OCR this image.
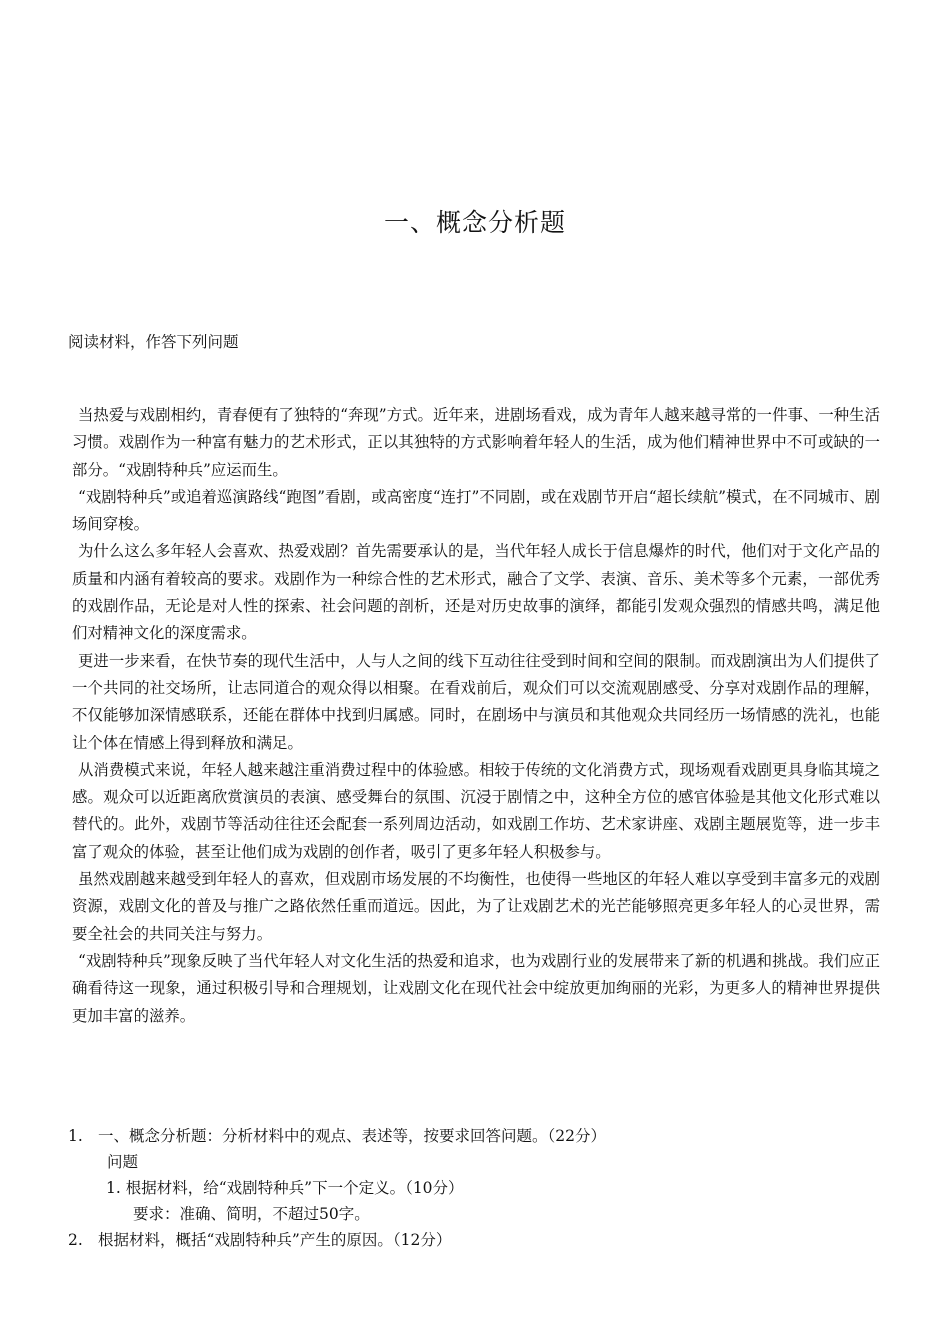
一、概念分析题
阅读材料，作答下列问题

当热爱与戏剧相约，青春便有了独特的“奔现”方式。近年来，进剧场看戏，成为青年人越来越寻常的一件事、一种生活习惯。戏剧作为一种富有魅力的艺术形式，正以其独特的方式影响着年轻人的生活，成为他们精神世界中不可或缺的一部分。“戏剧特种兵”应运而生。

“戏剧特种兵”或追着巡演路线“跑图”看剧，或高密度“连打”不同剧，或在戏剧节开启“超长续航”模式，在不同城市、剧场间穿梭。

为什么这么多年轻人会喜欢、热爱戏剧？首先需要承认的是，当代年轻人成长于信息爆炸的时代，他们对于文化产品的质量和内涵有着较高的要求。戏剧作为一种综合性的艺术形式，融合了文学、表演、音乐、美术等多个元素，一部优秀的戏剧作品，无论是对人性的探索、社会问题的剖析，还是对历史故事的演绎，都能引发观众强烈的情感共鸣，满足他们对精神文化的深度需求。

更进一步来看，在快节奏的现代生活中，人与人之间的线下互动往往受到时间和空间的限制。而戏剧演出为人们提供了一个共同的社交场所，让志同道合的观众得以相聚。在看戏前后，观众们可以交流观剧感受、分享对戏剧作品的理解，不仅能够加深情感联系，还能在群体中找到归属感。同时，在剧场中与演员和其他观众共同经历一场情感的洗礼，也能让个体在情感上得到释放和满足。

从消费模式来说，年轻人越来越注重消费过程中的体验感。相较于传统的文化消费方式，现场观看戏剧更具身临其境之感。观众可以近距离欣赏演员的表演、感受舞台的氛围、沉浸于剧情之中，这种全方位的感官体验是其他文化形式难以替代的。此外，戏剧节等活动往往还会配套一系列周边活动，如戏剧工作坊、艺术家讲座、戏剧主题展览等，进一步丰富了观众的体验，甚至让他们成为戏剧的创作者，吸引了更多年轻人积极参与。

虽然戏剧越来越受到年轻人的喜欢，但戏剧市场发展的不均衡性，也使得一些地区的年轻人难以享受到丰富多元的戏剧资源，戏剧文化的普及与推广之路依然任重而道远。因此，为了让戏剧艺术的光芒能够照亮更多年轻人的心灵世界，需要全社会的共同关注与努力。

“戏剧特种兵”现象反映了当代年轻人对文化生活的热爱和追求，也为戏剧行业的发展带来了新的机遇和挑战。我们应正确看待这一现象，通过积极引导和合理规划，让戏剧文化在现代社会中绽放更加绚丽的光彩，为更多人的精神世界提供更加丰富的滋养。

1. 一、概念分析题：分析材料中的观点、表述等，按要求回答问题。（22分）
问题
1. 根据材料，给“戏剧特种兵”下一个定义。（10分）
要求：准确、简明，不超过50字。
2. 根据材料，概括“戏剧特种兵”产生的原因。（12分）
